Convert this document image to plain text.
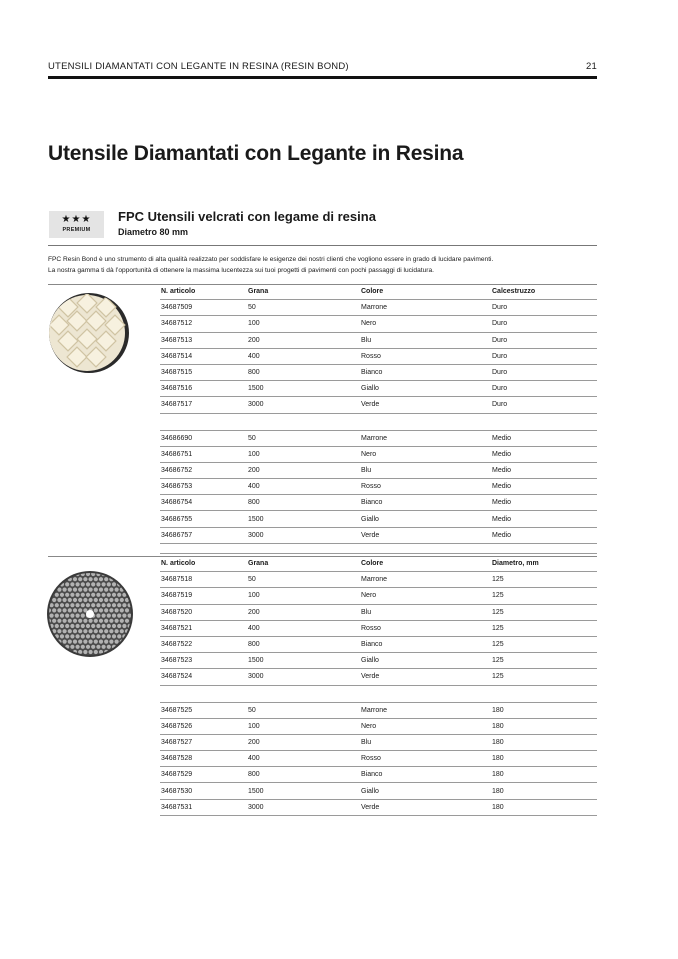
UTENSILI DIAMANTATI CON LEGANTE IN RESINA (RESIN BOND)	21
Utensile Diamantati con Legante in Resina
★★★
PREMIUM
FPC Utensili velcrati con legame di resina
Diametro 80 mm

FPC Resin Bond è uno strumento di alta qualità realizzato per soddisfare le esigenze dei nostri clienti che vogliono essere in grado di lucidare pavimenti.

La nostra gamma ti dà l’opportunità di ottenere la massima lucentezza sui tuoi progetti di pavimenti con pochi passaggi di lucidatura.

N. articolo	Grana	Colore	Calcestruzzo
34687509	50	Marrone	Duro
34687512	100	Nero	Duro
34687513	200	Blu	Duro
34687514	400	Rosso	Duro
34687515	800	Bianco	Duro
34687516	1500	Giallo	Duro
34687517	3000	Verde	Duro

34686690	50	Marrone	Medio
34686751	100	Nero	Medio
34686752	200	Blu	Medio
34686753	400	Rosso	Medio
34686754	800	Bianco	Medio
34686755	1500	Giallo	Medio
34686757	3000	Verde	Medio

N. articolo	Grana	Colore	Diametro, mm
34687518	50	Marrone	125
34687519	100	Nero	125
34687520	200	Blu	125
34687521	400	Rosso	125
34687522	800	Bianco	125
34687523	1500	Giallo	125
34687524	3000	Verde	125

34687525	50	Marrone	180
34687526	100	Nero	180
34687527	200	Blu	180
34687528	400	Rosso	180
34687529	800	Bianco	180
34687530	1500	Giallo	180
34687531	3000	Verde	180
